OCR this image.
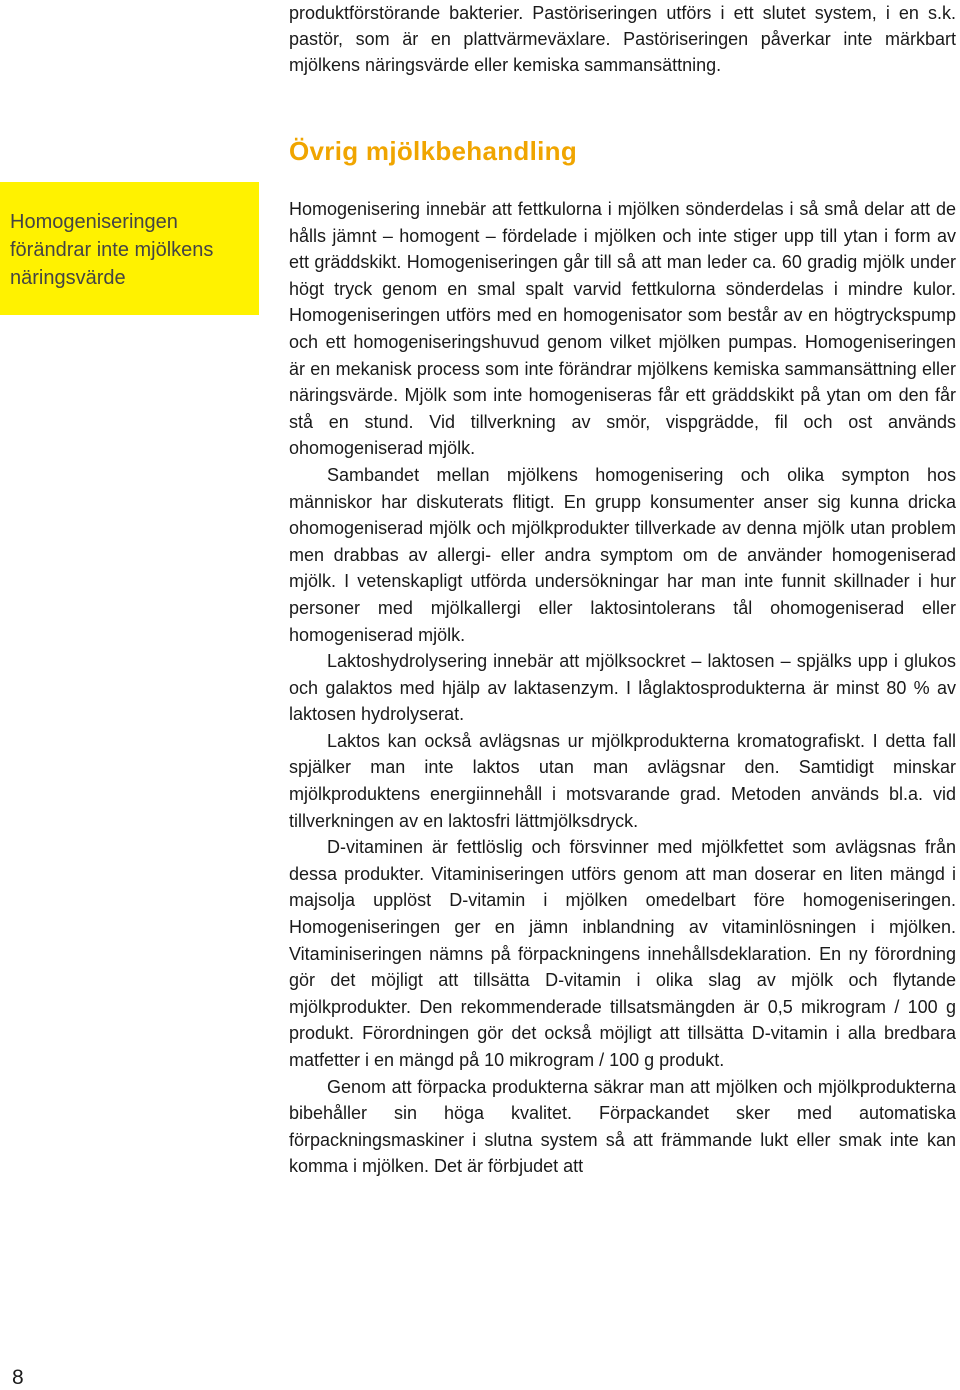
produktförstörande bakterier. Pastöriseringen utförs i ett slutet system, i en s.k. pastör, som är en plattvärmeväxlare. Pastöriseringen påverkar inte märkbart mjölkens näringsvärde eller kemiska sammansättning.

Övrig mjölkbehandling

Homogeniseringen
förändrar inte mjölkens
näringsvärde

Homogenisering innebär att fettkulorna i mjölken sönderdelas i så små delar att de hålls jämnt – homogent – fördelade i mjölken och inte stiger upp till ytan i form av ett gräddskikt. Homogeniseringen går till så att man leder ca. 60 gradig mjölk under högt tryck genom en smal spalt varvid fettkulorna sönderdelas i mindre kulor. Homogeniseringen utförs med en homogenisator som består av en högtryckspump och ett homogeniseringshuvud genom vilket mjölken pumpas. Homogeniseringen är en mekanisk process som inte förändrar mjölkens kemiska sammansättning eller näringsvärde. Mjölk som inte homogeniseras får ett gräddskikt på ytan om den får stå en stund. Vid tillverkning av smör, vispgrädde, fil och ost används ohomogeniserad mjölk.

Sambandet mellan mjölkens homogenisering och olika sympton hos människor har diskuterats flitigt. En grupp konsumenter anser sig kunna dricka ohomogeniserad mjölk och mjölkprodukter tillverkade av denna mjölk utan problem men drabbas av allergi- eller andra symptom om de använder homogeniserad mjölk. I vetenskapligt utförda undersökningar har man inte funnit skillnader i hur personer med mjölkallergi eller laktosintolerans tål ohomogeniserad eller homogeniserad mjölk.

Laktoshydrolysering innebär att mjölksockret – laktosen – spjälks upp i glukos och galaktos med hjälp av laktasenzym. I låglaktosprodukterna är minst 80 % av laktosen hydrolyserat.

Laktos kan också avlägsnas ur mjölkprodukterna kromatografiskt. I detta fall spjälker man inte laktos utan man avlägsnar den. Samtidigt minskar mjölkproduktens energiinnehåll i motsvarande grad. Metoden används bl.a. vid tillverkningen av en laktosfri lättmjölksdryck.

D-vitaminen är fettlöslig och försvinner med mjölkfettet som avlägsnas från dessa produkter. Vitaminiseringen utförs genom att man doserar en liten mängd i majsolja upplöst D-vitamin i mjölken omedelbart före homogeniseringen. Homogeniseringen ger en jämn inblandning av vitaminlösningen i mjölken. Vitaminiseringen nämns på förpackningens innehållsdeklaration. En ny förordning gör det möjligt att tillsätta D-vitamin i olika slag av mjölk och flytande mjölkprodukter. Den rekommenderade tillsatsmängden är 0,5 mikrogram / 100 g produkt. Förordningen gör det också möjligt att tillsätta D-vitamin i alla bredbara matfetter i en mängd på 10 mikrogram / 100 g produkt.

Genom att förpacka produkterna säkrar man att mjölken och mjölkprodukterna bibehåller sin höga kvalitet. Förpackandet sker med automatiska förpackningsmaskiner i slutna system så att främmande lukt eller smak inte kan komma i mjölken. Det är förbjudet att

8
